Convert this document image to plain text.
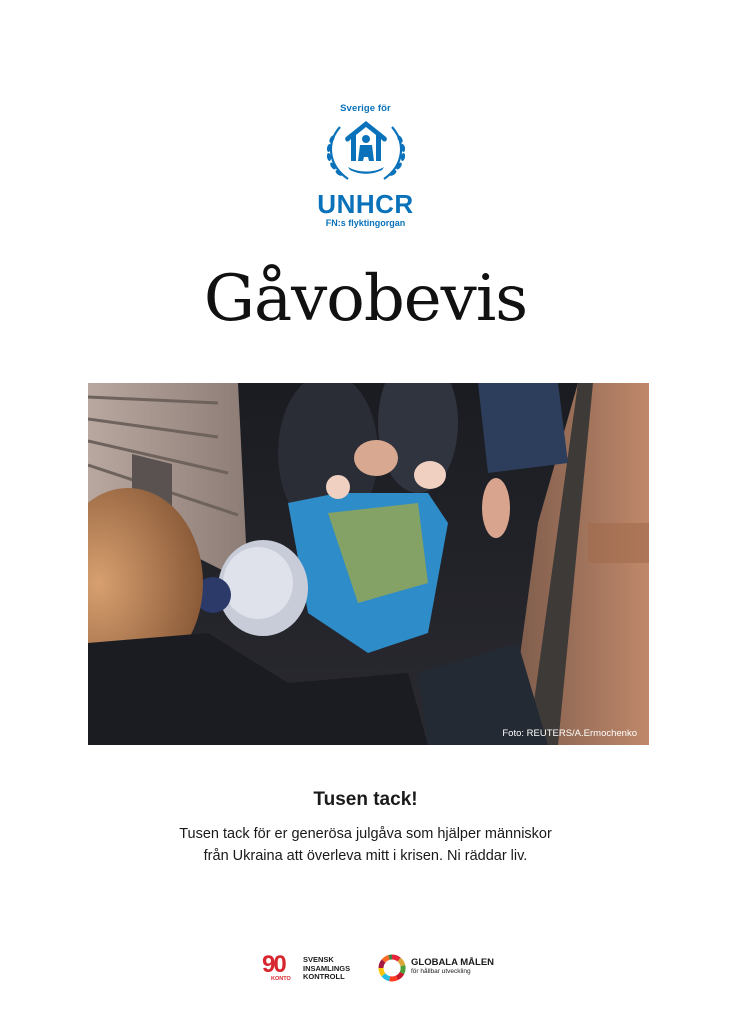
Sverige för
UNHCR
FN:s flyktingorgan
Gåvobevis
Foto: REUTERS/A.Ermochenko
Tusen tack!
Tusen tack för er generösa julgåva som hjälper människor
från Ukraina att överleva mitt i krisen. Ni räddar liv.
90
KONTO
SVENSK
INSAMLINGS
KONTROLL
GLOBALA MÅLEN
för hållbar utveckling
